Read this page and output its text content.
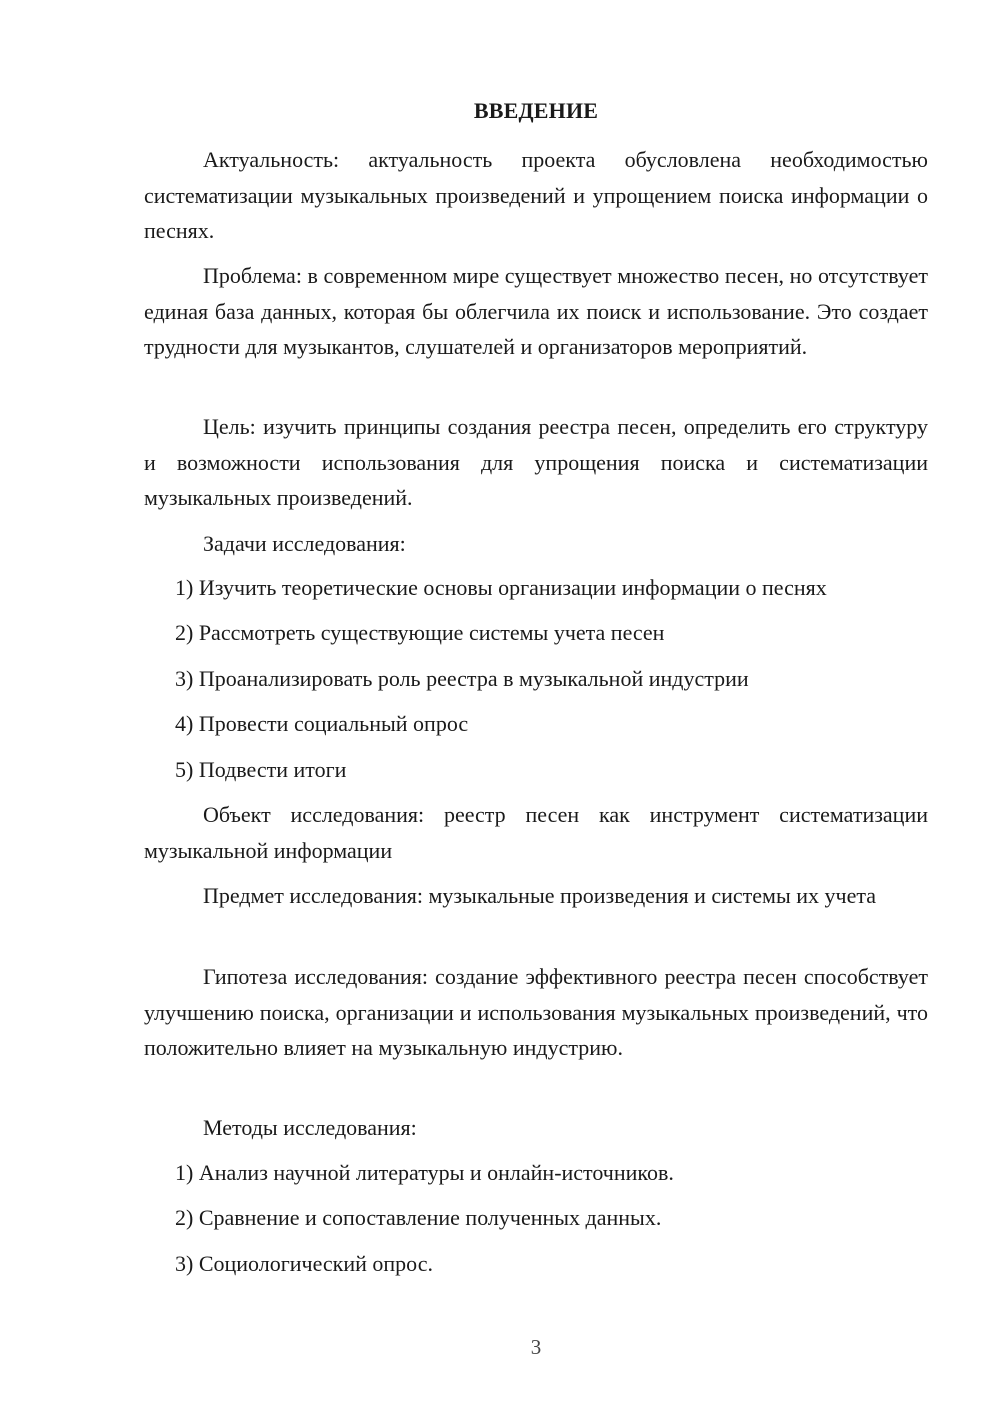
ВВЕДЕНИЕ

Актуальность: актуальность проекта обусловлена необходимостью систематизации музыкальных произведений и упрощением поиска информации о песнях.

Проблема: в современном мире существует множество песен, но отсутствует единая база данных, которая бы облегчила их поиск и использование. Это создает трудности для музыкантов, слушателей и организаторов мероприятий.

Цель: изучить принципы создания реестра песен, определить его структуру и возможности использования для упрощения поиска и систематизации музыкальных произведений.

Задачи исследования:

1) Изучить теоретические основы организации информации о песнях

2) Рассмотреть существующие системы учета песен

3) Проанализировать роль реестра в музыкальной индустрии

4) Провести социальный опрос

5) Подвести итоги

Объект исследования: реестр песен как инструмент систематизации музыкальной информации

Предмет исследования: музыкальные произведения и системы их учета

Гипотеза исследования: создание эффективного реестра песен способствует улучшению поиска, организации и использования музыкальных произведений, что положительно влияет на музыкальную индустрию.

Методы исследования:

1) Анализ научной литературы и онлайн-источников.

2) Сравнение и сопоставление полученных данных.

3) Социологический опрос.

3
